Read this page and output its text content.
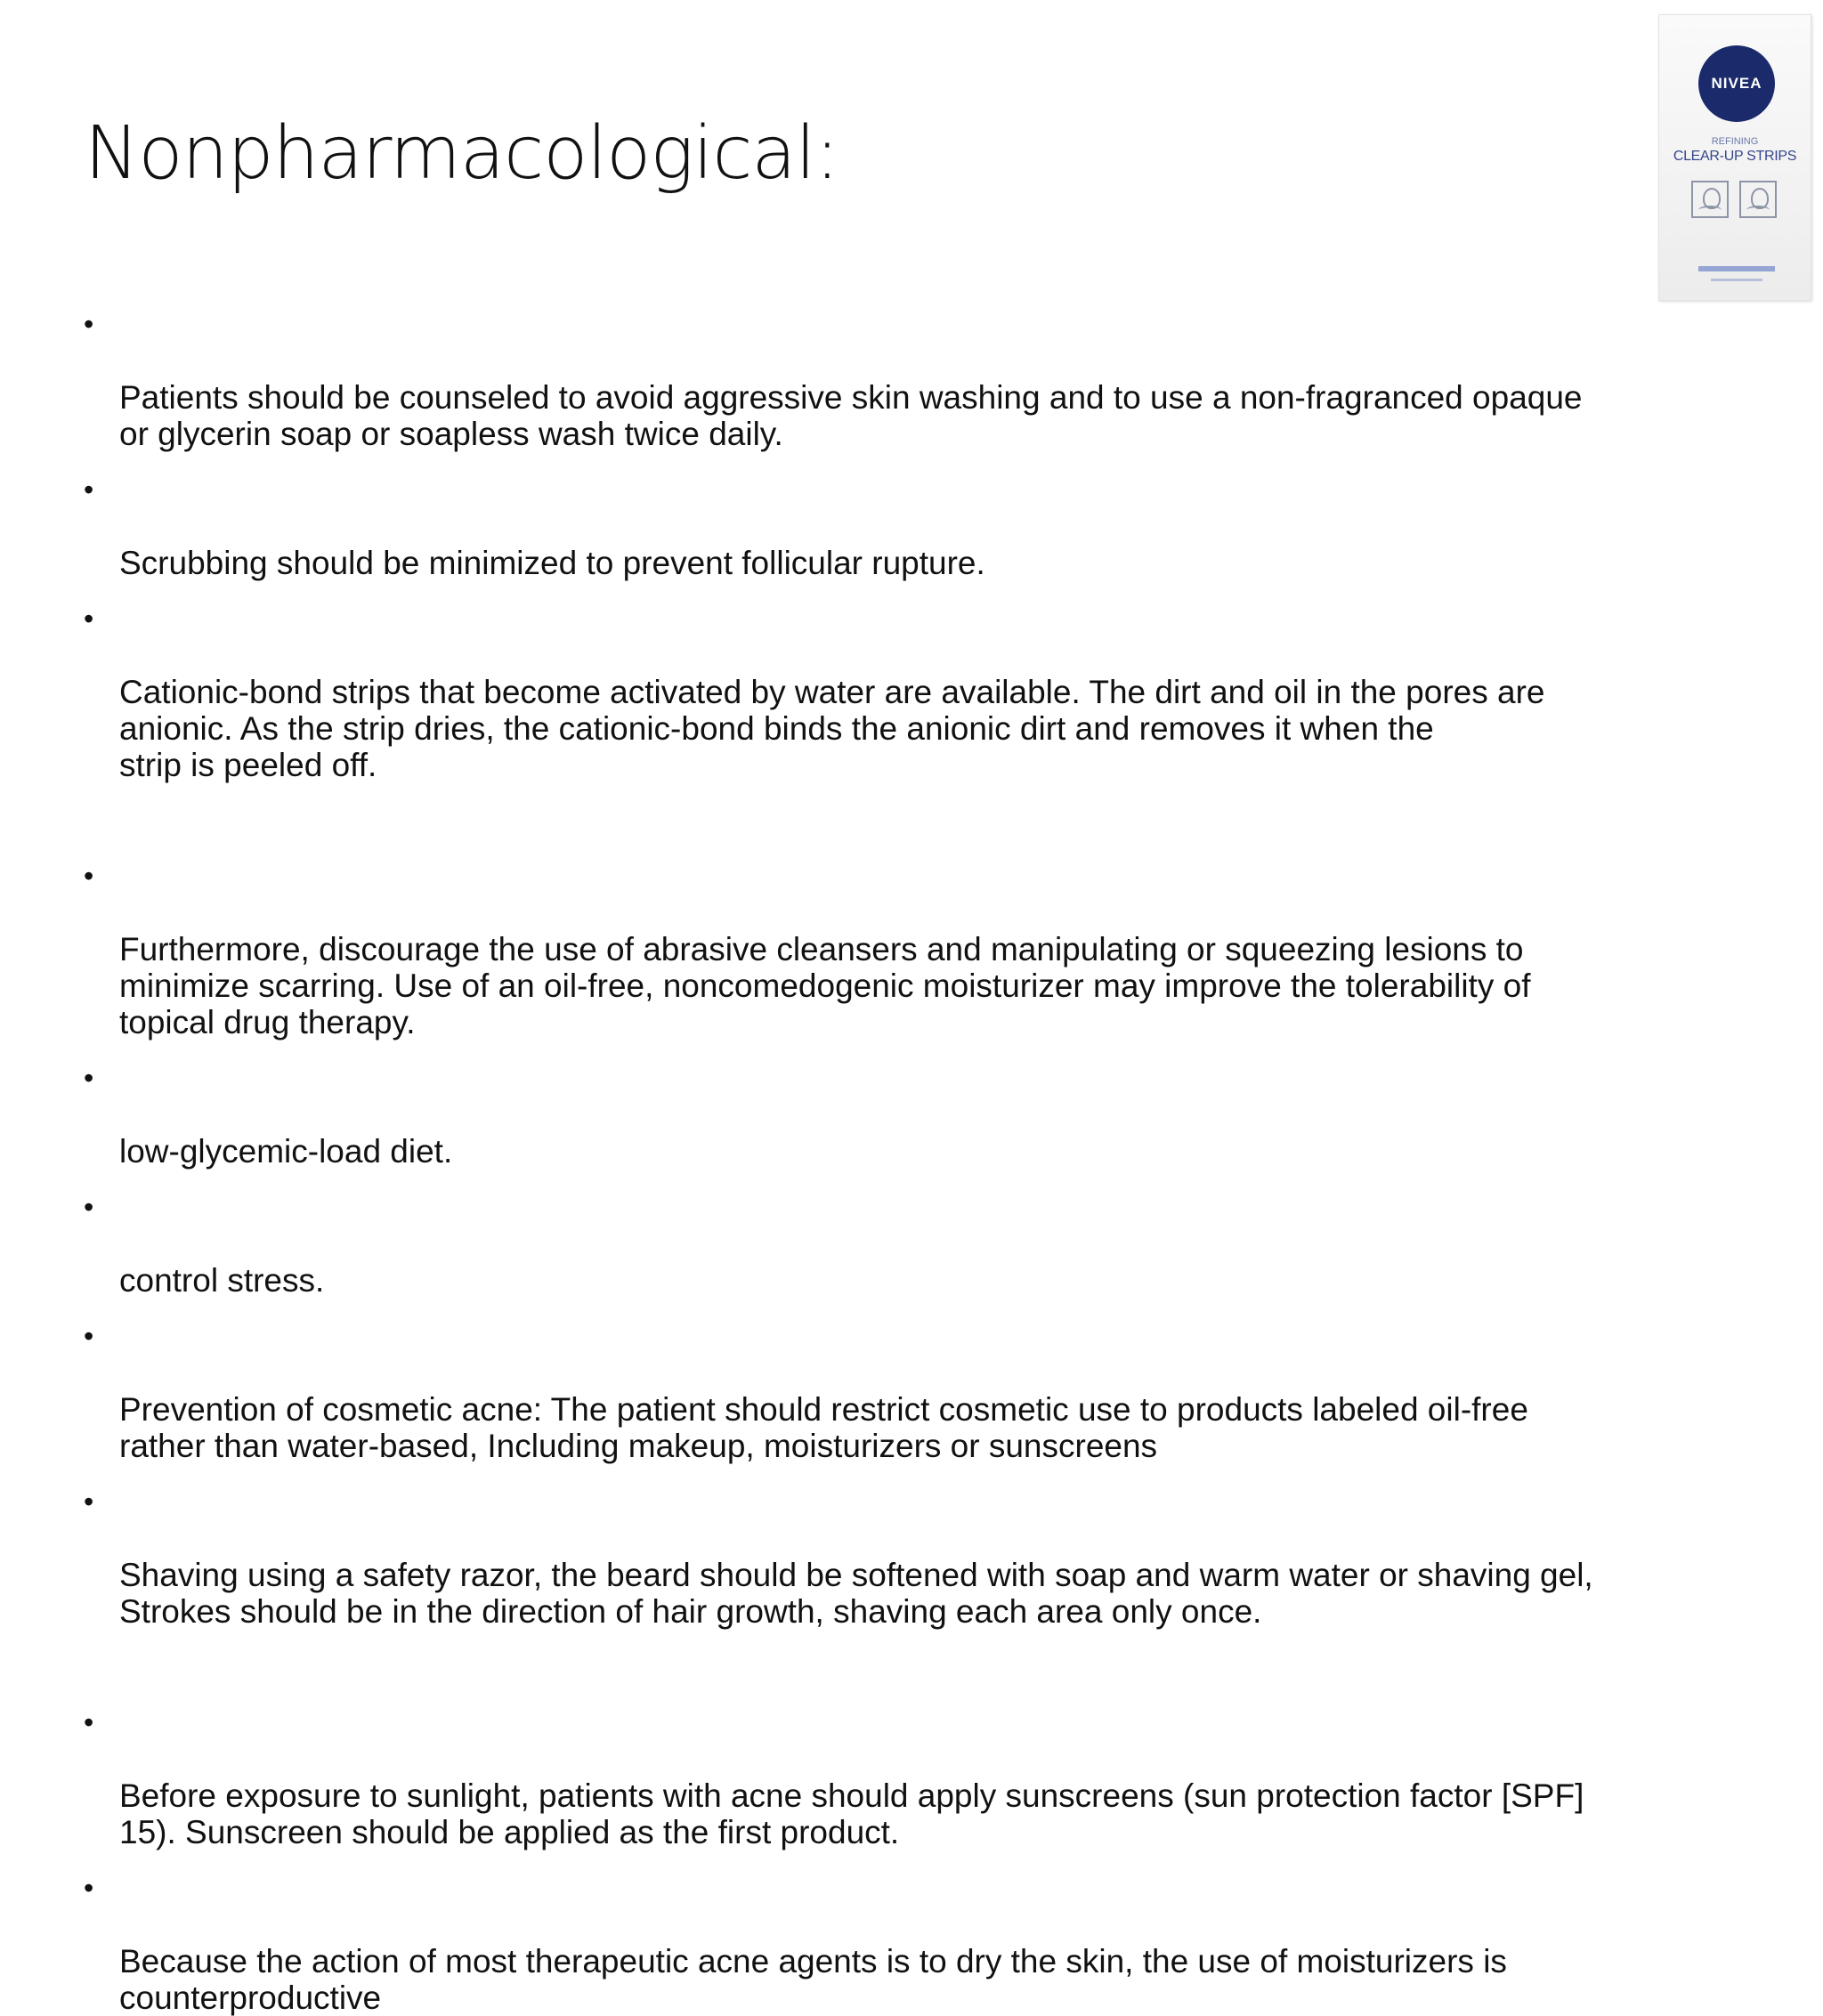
Nonpharmacological:

•

Patients should be counseled to avoid aggressive skin washing and to use a non-fragranced opaque
or glycerin soap or soapless wash twice daily.

•

Scrubbing should be minimized to prevent follicular rupture.

•

Cationic-bond strips that become activated by water are available. The dirt and oil in the pores are
anionic. As the strip dries, the cationic-bond binds the anionic dirt and removes it when the
strip is peeled off.

•

Furthermore, discourage the use of abrasive cleansers and manipulating or squeezing lesions to
minimize scarring. Use of an oil-free, noncomedogenic moisturizer may improve the tolerability of
topical drug therapy.

•

low-glycemic-load diet.

•

control stress.

•

Prevention of cosmetic acne: The patient should restrict cosmetic use to products labeled oil-free
rather than water-based, Including makeup, moisturizers or sunscreens

•

Shaving using a safety razor, the beard should be softened with soap and warm water or shaving gel,
Strokes should be in the direction of hair growth, shaving each area only once.

•

Before exposure to sunlight, patients with acne should apply sunscreens (sun protection factor [SPF]
15). Sunscreen should be applied as the first product.

•

Because the action of most therapeutic acne agents is to dry the skin, the use of moisturizers is
counterproductive

NIVEA
REFINING
CLEAR-UP STRIPS
